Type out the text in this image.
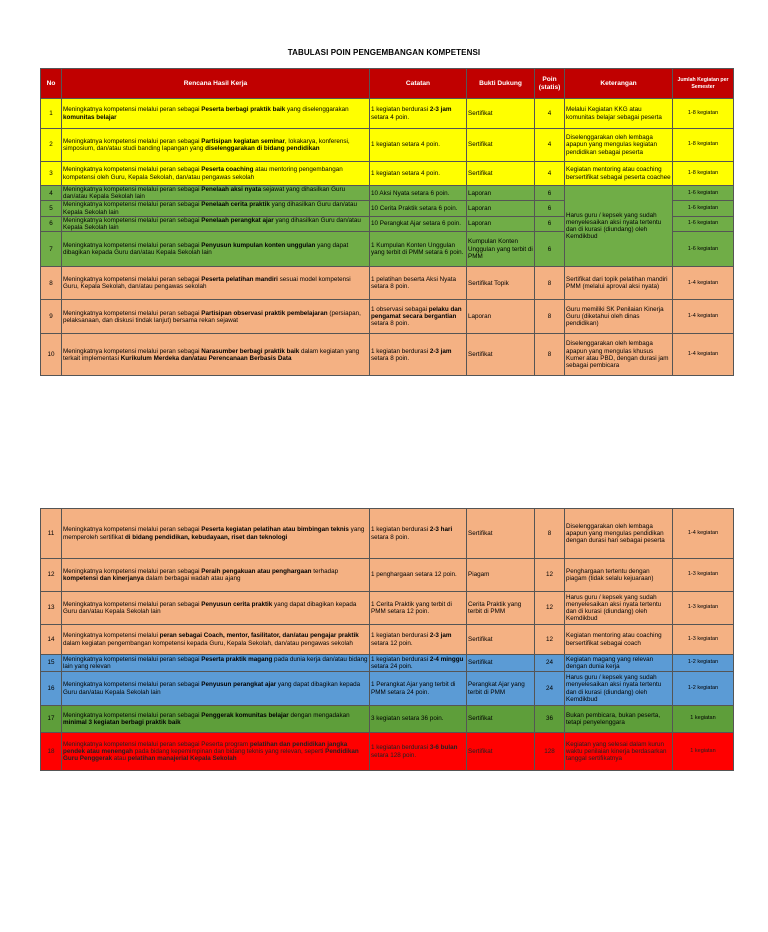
TABULASI POIN PENGEMBANGAN KOMPETENSI
No	Rencana Hasil Kerja	Catatan	Bukti Dukung	Poin (statis)	Keterangan	Jumlah Kegiatan per Semester
1	Meningkatnya kompetensi melalui peran sebagai Peserta berbagi praktik baik yang diselenggarakan komunitas belajar	1 kegiatan berdurasi 2-3 jam setara 4 poin.	Sertifikat	4	Melalui Kegiatan KKG atau komunitas belajar sebagai peserta	1-8 kegiatan
2	Meningkatnya kompetensi melalui peran sebagai Partisipan kegiatan seminar, lokakarya, konferensi, simposium, dan/atau studi banding lapangan yang diselenggarakan di bidang pendidikan	1 kegiatan setara 4 poin.	Sertifikat	4	Diselenggarakan oleh lembaga apapun yang mengulas kegiatan pendidikan sebagai peserta	1-8 kegiatan
3	Meningkatnya kompetensi melalui peran sebagai Peserta coaching atau mentoring pengembangan kompetensi oleh Guru, Kepala Sekolah, dan/atau pengawas sekolah	1 kegiatan setara 4 poin.	Sertifikat	4	Kegiatan mentoring atau coaching bersertifikat sebagai peserta coachee	1-8 kegiatan
4	Meningkatnya kompetensi melalui peran sebagai Penelaah aksi nyata sejawat yang dihasilkan Guru dan/atau Kepala Sekolah lain	10 Aksi Nyata setara 6 poin.	Laporan	6	Harus guru / kepsek yang sudah menyelesaikan aksi nyata tertentu dan di kurasi (diundang) oleh Kemdikbud	1-6 kegiatan
5	Meningkatnya kompetensi melalui peran sebagai Penelaah cerita praktik yang dihasilkan Guru dan/atau Kepala Sekolah lain	10 Cerita Praktik setara 6 poin.	Laporan	6		1-6 kegiatan
6	Meningkatnya kompetensi melalui peran sebagai Penelaah perangkat ajar yang dihasilkan Guru dan/atau Kepala Sekolah lain	10 Perangkat Ajar setara 6 poin.	Laporan	6		1-6 kegiatan
7	Meningkatnya kompetensi melalui peran sebagai Penyusun kumpulan konten unggulan yang dapat dibagikan kepada Guru dan/atau Kepala Sekolah lain	1 Kumpulan Konten Unggulan yang terbit di PMM setara 6 poin.	Kumpulan Konten Unggulan yang terbit di PMM	6		1-6 kegiatan
8	Meningkatnya kompetensi melalui peran sebagai Peserta pelatihan mandiri sesuai model kompetensi Guru, Kepala Sekolah, dan/atau pengawas sekolah	1 pelatihan beserta Aksi Nyata setara 8 poin.	Sertifikat Topik	8	Sertifikat dari topik pelatihan mandiri PMM (melalui aproval aksi nyata)	1-4 kegiatan
9	Meningkatnya kompetensi melalui peran sebagai Partisipan observasi praktik pembelajaran (persiapan, pelaksanaan, dan diskusi tindak lanjut) bersama rekan sejawat	1 observasi sebagai pelaku dan pengamat secara bergantian setara 8 poin.	Laporan	8	Guru memiliki SK Penilaian Kinerja Guru (diketahui oleh dinas pendidikan)	1-4 kegiatan
10	Meningkatnya kompetensi melalui peran sebagai Narasumber berbagi praktik baik dalam kegiatan yang terkait implementasi Kurikulum Merdeka dan/atau Perencanaan Berbasis Data	1 kegiatan berdurasi 2-3 jam setara 8 poin.	Sertifikat	8	Diselenggarakan oleh lembaga apapun yang mengulas khusus Kumer atau PBD, dengan durasi jam sebagai pembicara	1-4 kegiatan
11	Meningkatnya kompetensi melalui peran sebagai Peserta kegiatan pelatihan atau bimbingan teknis yang memperoleh sertifikat di bidang pendidikan, kebudayaan, riset dan teknologi	1 kegiatan berdurasi 2-3 hari setara 8 poin.	Sertifikat	8	Diselenggarakan oleh lembaga apapun yang mengulas pendidikan dengan durasi hari sebagai peserta	1-4 kegiatan
12	Meningkatnya kompetensi melalui peran sebagai Peraih pengakuan atau penghargaan terhadap kompetensi dan kinerjanya dalam berbagai wadah atau ajang	1 penghargaan setara 12 poin.	Piagam	12	Penghargaan tertentu dengan piagam (tidak selalu kejuaraan)	1-3 kegiatan
13	Meningkatnya kompetensi melalui peran sebagai Penyusun cerita praktik yang dapat dibagikan kepada Guru dan/atau Kepala Sekolah lain	1 Cerita Praktik yang terbit di PMM setara 12 poin.	Cerita Praktik yang terbit di PMM	12	Harus guru / kepsek yang sudah menyelesaikan aksi nyata tertentu dan di kurasi (diundang) oleh Kemdikbud	1-3 kegiatan
14	Meningkatnya kompetensi melalui peran sebagai Coach, mentor, fasilitator, dan/atau pengajar praktik dalam kegiatan pengembangan kompetensi kepada Guru, Kepala Sekolah, dan/atau pengawas sekolah	1 kegiatan berdurasi 2-3 jam setara 12 poin.	Sertifikat	12	Kegiatan mentoring atau coaching bersertifikat sebagai coach	1-3 kegiatan
15	Meningkatnya kompetensi melalui peran sebagai Peserta praktik magang pada dunia kerja dan/atau bidang lain yang relevan	1 kegiatan berdurasi 2-4 minggu setara 24 poin.	Sertifikat	24	Kegiatan magang yang relevan dengan dunia kerja	1-2 kegiatan
16	Meningkatnya kompetensi melalui peran sebagai Penyusun perangkat ajar yang dapat dibagikan kepada Guru dan/atau Kepala Sekolah lain	1 Perangkat Ajar yang terbit di PMM setara 24 poin.	Perangkat Ajar yang terbit di PMM	24	Harus guru / kepsek yang sudah menyelesaikan aksi nyata tertentu dan di kurasi (diundang) oleh Kemdikbud	1-2 kegiatan
17	Meningkatnya kompetensi melalui peran sebagai Penggerak komunitas belajar dengan mengadakan minimal 3 kegiatan berbagi praktik baik	3 kegiatan setara 36 poin.	Sertifikat	36	Bukan pembicara, bukan peserta, tetapi penyelenggara	1 kegiatan
18	Meningkatnya kompetensi melalui peran sebagai Peserta program pelatihan dan pendidikan jangka pendek atau menengah pada bidang kepemimpinan dan bidang teknis yang relevan, seperti Pendidikan Guru Penggerak atau pelatihan manajerial Kepala Sekolah	1 kegiatan berdurasi 3-6 bulan setara 128 poin.	Sertifikat	128	Kegiatan yang selesai dalam kurun waktu penilaian kinerja berdasarkan tanggal sertifikatnya	1 kegiatan
